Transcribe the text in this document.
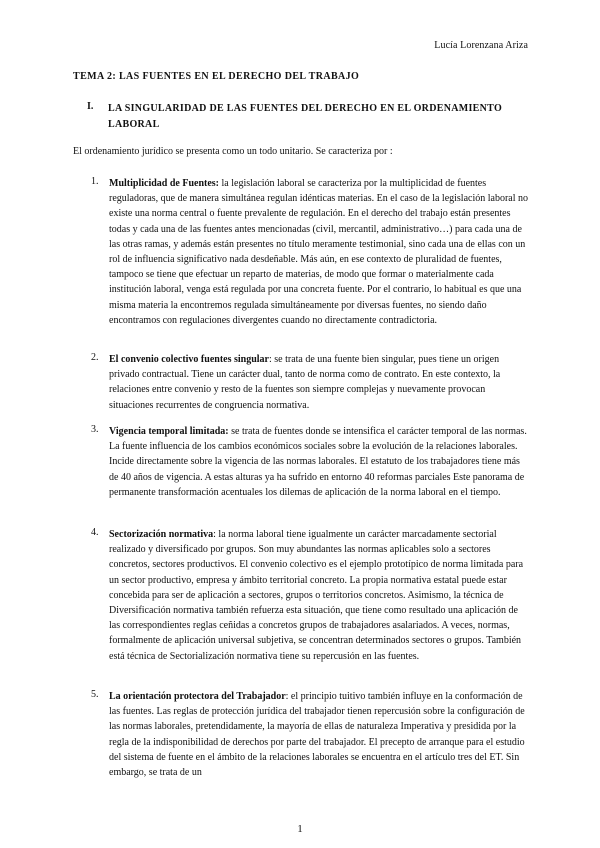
Lucía Lorenzana Ariza
TEMA 2: LAS FUENTES EN EL DERECHO DEL TRABAJO
I. LA SINGULARIDAD DE LAS FUENTES DEL DERECHO EN EL ORDENAMIENTO LABORAL
El ordenamiento jurídico se presenta como un todo unitario. Se caracteriza por :
1. Multiplicidad de Fuentes: la legislación laboral se caracteriza por la multiplicidad de fuentes reguladoras, que de manera simultánea regulan idénticas materias. En el caso de la legislación laboral no existe una norma central o fuente prevalente de regulación. En el derecho del trabajo están presentes todas y cada una de las fuentes antes mencionadas (civil, mercantil, administrativo…) para cada una de las otras ramas, y además están presentes no título meramente testimonial, sino cada una de ellas con un rol de influencia significativo nada desdeñable. Más aún, en ese contexto de pluralidad de fuentes, tampoco se tiene que efectuar un reparto de materias, de modo que formar o materialmente cada institución laboral, venga está regulada por una concreta fuente. Por el contrario, lo habitual es que una misma materia la encontremos regulada simultáneamente por diversas fuentes, no siendo daño encontramos con regulaciones divergentes cuando no directamente contradictoria.
2. El convenio colectivo fuentes singular: se trata de una fuente bien singular, pues tiene un origen privado contractual. Tiene un carácter dual, tanto de norma como de contrato. En este contexto, la relaciones entre convenio y resto de la fuentes son siempre complejas y nuevamente provocan situaciones recurrentes de congruencia normativa.
3. Vigencia temporal limitada: se trata de fuentes donde se intensifica el carácter temporal de las normas. La fuente influencia de los cambios económicos sociales sobre la evolución de la relaciones laborales. Incide directamente sobre la vigencia de las normas laborales. El estatuto de los trabajadores tiene más de 40 años de vigencia. A estas alturas ya ha sufrido en entorno 40 reformas parciales Este panorama de permanente transformación acentuales los dilemas de aplicación de la norma laboral en el tiempo.
4. Sectorización normativa: la norma laboral tiene igualmente un carácter marcadamente sectorial realizado y diversificado por grupos. Son muy abundantes las normas aplicables solo a sectores concretos, sectores productivos. El convenio colectivo es el ejemplo prototípico de norma limitada para un sector productivo, empresa y ámbito territorial concreto. La propia normativa estatal puede estar concebida para ser de aplicación a sectores, grupos o territorios concretos. Asimismo, la técnica de Diversificación normativa también refuerza esta situación, que tiene como resultado una aplicación de las correspondientes reglas ceñidas a concretos grupos de trabajadores asalariados. A veces, normas, formalmente de aplicación universal subjetiva, se concentran determinados sectores o grupos. También está técnica de Sectorialización normativa tiene su repercusión en las fuentes.
5. La orientación protectora del Trabajador: el principio tuitivo también influye en la conformación de las fuentes. Las reglas de protección jurídica del trabajador tienen repercusión sobre la configuración de las normas laborales, pretendidamente, la mayoría de ellas de naturaleza Imperativa y presidida por la regla de la indisponibilidad de derechos por parte del trabajador. El precepto de arranque para el estudio del sistema de fuente en el ámbito de la relaciones laborales se encuentra en el artículo tres del ET. Sin embargo, se trata de un
1
